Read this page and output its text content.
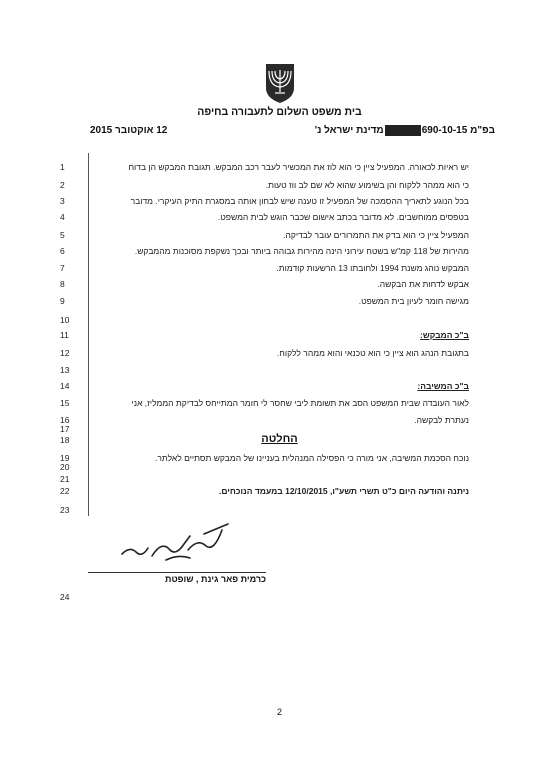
בית משפט השלום לתעבורה בחיפה
12 אוקטובר 2015	בפ"מ 690-10-15מדינת ישראל נ'
1	יש ראיות לכאורה. המפעיל ציין כי הוא לוז את המכשיר לעבר רכב המבקש. תגובת המבקש הן בדוח
2	כי הוא ממהר ללקוח והן בשימוע שהוא לא שם לב ווז טעות.
3	בכל הנוגע לתאריך ההסמכה של המפעיל זו טענה שיש לבחון אותה במסגרת התיק העיקרי. מדובר
4	בטפסים ממוחשבים. לא מדובר בכתב אישום שכבר הוגש לבית המשפט.
5	המפעיל ציין כי הוא בדק את התמרורים עובר לבדיקה.
6	מהירות של 118 קמ"ש בשטח עירוני הינה מהירות גבוהה ביותר ובכך נשקפת מסוכנות מהמבקש.
7	המבקש נוהג משנת 1994 ולחובתו 13 הרשעות קודמות.
8	אבקש לדחות את הבקשה.
9	מגישה חומר לעיון בית המשפט.
10
11	ב"כ המבקש:
12	בתגובת הנהג הוא ציין כי הוא טכנאי והוא ממהר ללקוח.
13
14	ב"כ המשיבה:
15	לאור העובדה שבית המשפט הסב את תשומת ליבי שחסר לי חומר המתייחס לבדיקת הממליז, אני
16	נעתרת לבקשה.
17
18	החלטה
19	נוכח הסכמת המשיבה, אני מורה כי הפסילה המנהלית בעניינו של המבקש תסתיים לאלתר.
20
21
22	ניתנה והודעה היום כ"ט תשרי תשע"ו, 12/10/2015 במעמד הנוכחים.
23
24
כרמית פאר גינת , שופטת
2
